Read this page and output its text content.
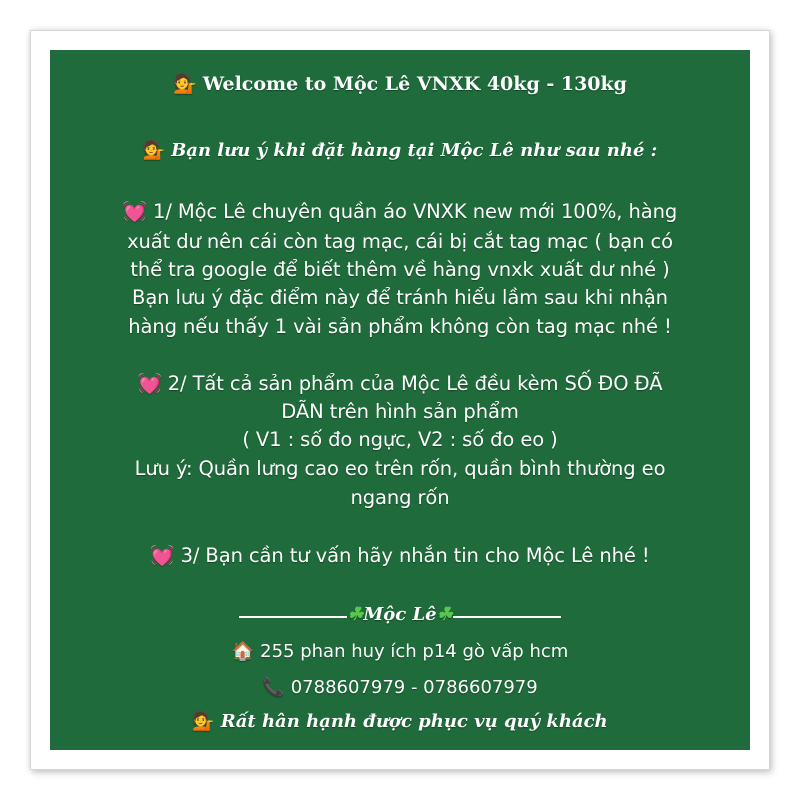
💁 Welcome to Mộc Lê VNXK 40kg - 130kg
💁 Bạn lưu ý khi đặt hàng tại Mộc Lê như sau nhé :
💓 1/ Mộc Lê chuyên quần áo VNXK new mới 100%, hàng
xuất dư nên cái còn tag mạc, cái bị cắt tag mạc ( bạn có
thể tra google để biết thêm về hàng vnxk xuất dư nhé )
Bạn lưu ý đặc điểm này để tránh hiểu lầm sau khi nhận
hàng nếu thấy 1 vài sản phẩm không còn tag mạc nhé !
💓 2/ Tất cả sản phẩm của Mộc Lê đều kèm SỐ ĐO ĐÃ
DÃN trên hình sản phẩm
( V1 : số đo ngực, V2 : số đo eo )
Lưu ý: Quần lưng cao eo trên rốn, quần bình thường eo
ngang rốn
💓 3/ Bạn cần tư vấn hãy nhắn tin cho Mộc Lê nhé !
☘𝑴ộ𝒄 𝑳ê☘
🏠 255 phan huy ích p14 gò vấp hcm
📞 0788607979 - 0786607979
💁 Rất hân hạnh được phục vụ quý khách
